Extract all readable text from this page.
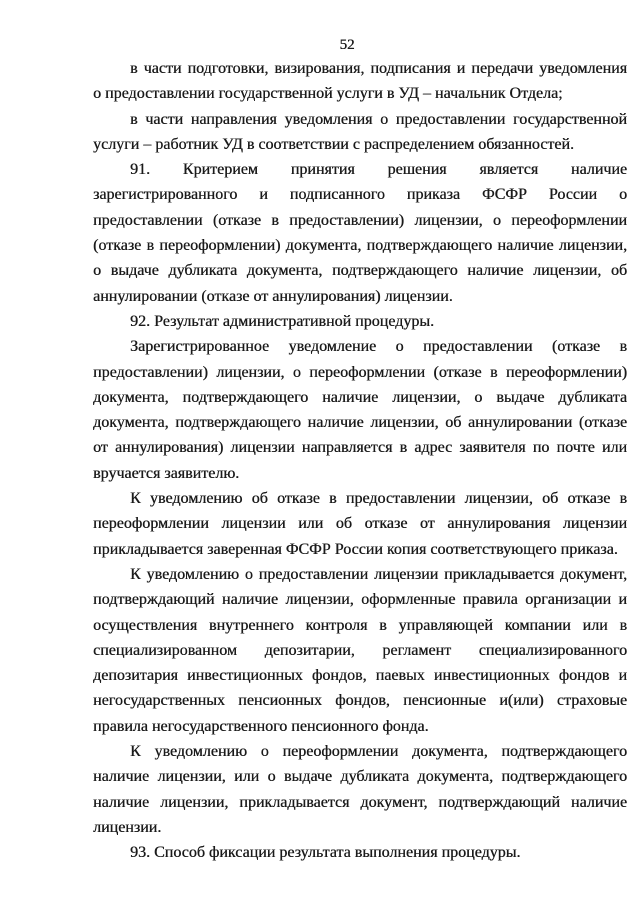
52
в части подготовки, визирования, подписания и передачи уведомления
о предоставлении государственной услуги в УД – начальник Отдела;
в части направления уведомления о предоставлении государственной
услуги – работник УД в соответствии с распределением обязанностей.
91. Критерием принятия решения является наличие
зарегистрированного и подписанного приказа ФСФР России о
предоставлении (отказе в предоставлении) лицензии, о переоформлении
(отказе в переоформлении) документа, подтверждающего наличие лицензии,
о выдаче дубликата документа, подтверждающего наличие лицензии, об
аннулировании (отказе от аннулирования) лицензии.
92. Результат административной процедуры.
Зарегистрированное уведомление о предоставлении (отказе в
предоставлении) лицензии, о переоформлении (отказе в переоформлении)
документа, подтверждающего наличие лицензии, о выдаче дубликата
документа, подтверждающего наличие лицензии, об аннулировании (отказе
от аннулирования) лицензии направляется в адрес заявителя по почте или
вручается заявителю.
К уведомлению об отказе в предоставлении лицензии, об отказе в
переоформлении лицензии или об отказе от аннулирования лицензии
прикладывается заверенная ФСФР России копия соответствующего приказа.
К уведомлению о предоставлении лицензии прикладывается документ,
подтверждающий наличие лицензии, оформленные правила организации и
осуществления внутреннего контроля в управляющей компании или в
специализированном депозитарии, регламент специализированного
депозитария инвестиционных фондов, паевых инвестиционных фондов и
негосударственных пенсионных фондов, пенсионные и(или) страховые
правила негосударственного пенсионного фонда.
К уведомлению о переоформлении документа, подтверждающего
наличие лицензии, или о выдаче дубликата документа, подтверждающего
наличие лицензии, прикладывается документ, подтверждающий наличие
лицензии.
93. Способ фиксации результата выполнения процедуры.
